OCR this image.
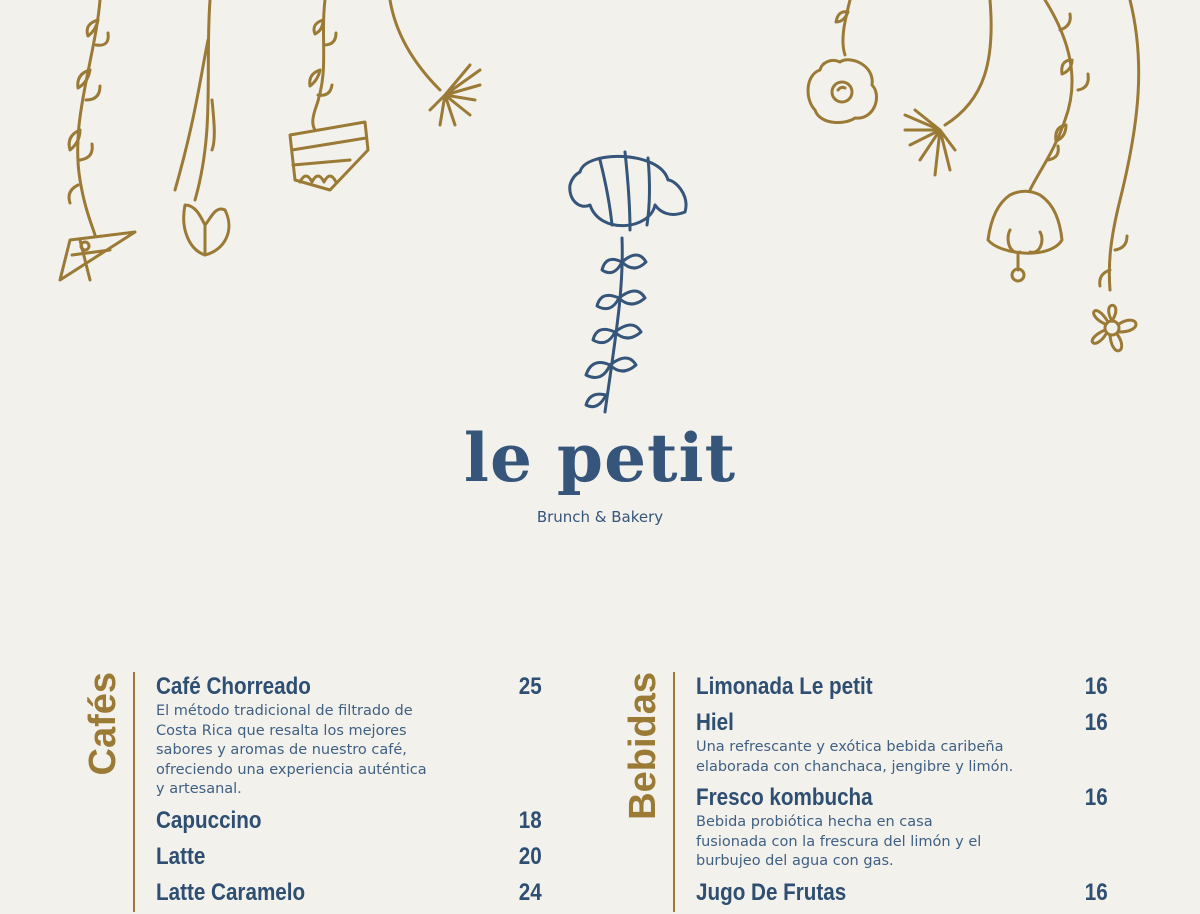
le petit
Brunch & Bakery
Cafés Café Chorreado	25
El método tradicional de filtrado de
Costa Rica que resalta los mejores
sabores y aromas de nuestro café,
ofreciendo una experiencia auténtica
y artesanal.
Capuccino	18
Latte	20
Latte Caramelo	24
Bebidas Limonada Le petit	16
Hiel	16
Una refrescante y exótica bebida caribeña
elaborada con chanchaca, jengibre y limón.
Fresco kombucha	16
Bebida probiótica hecha en casa
fusionada con la frescura del limón y el
burbujeo del agua con gas.
Jugo De Frutas	16
